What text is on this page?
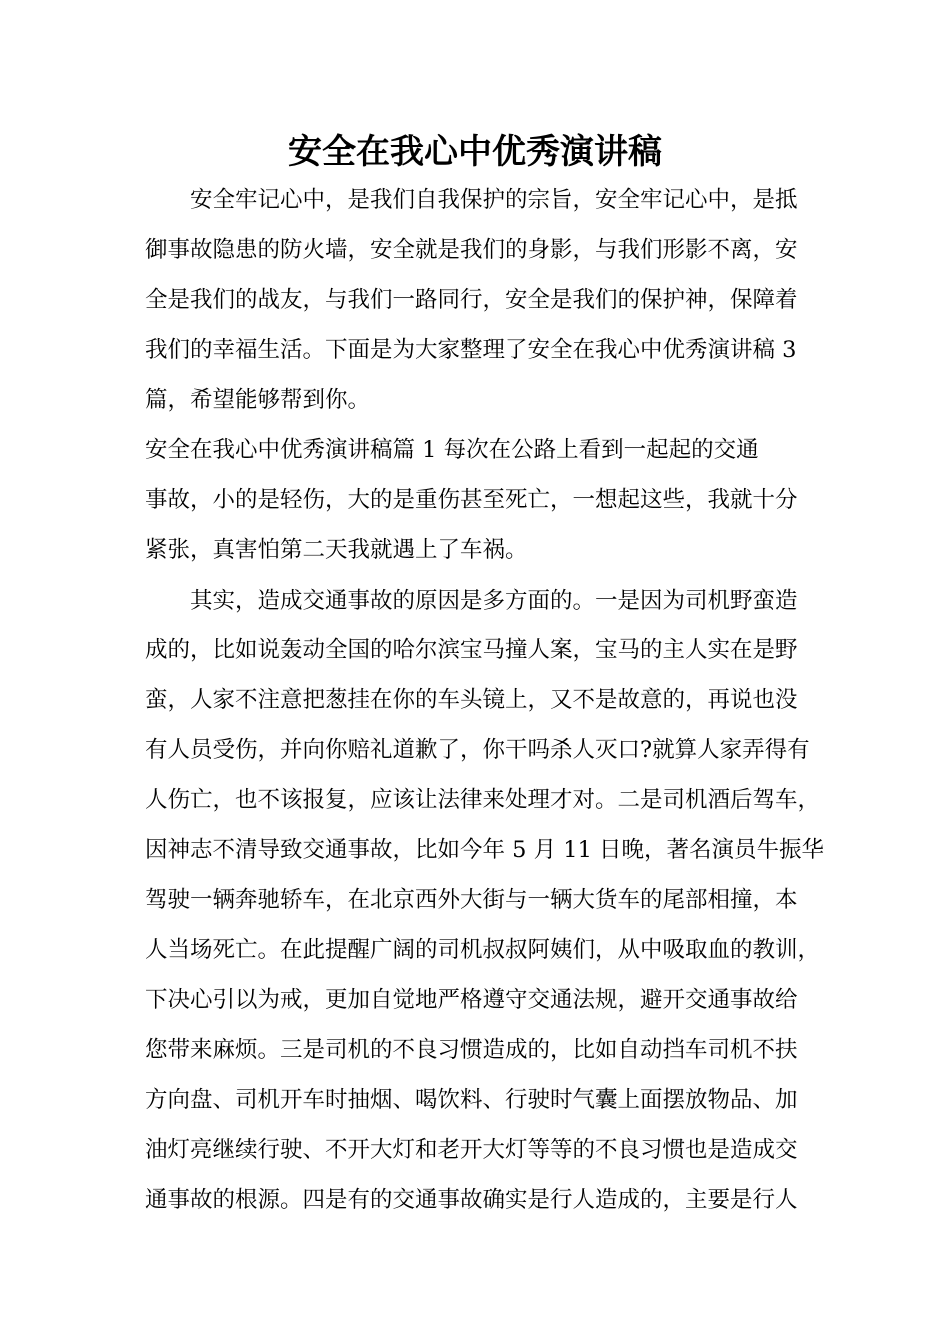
安全在我心中优秀演讲稿
安全牢记心中，是我们自我保护的宗旨，安全牢记心中，是抵
御事故隐患的防火墙，安全就是我们的身影，与我们形影不离，安
全是我们的战友，与我们一路同行，安全是我们的保护神，保障着
我们的幸福生活。下面是为大家整理了安全在我心中优秀演讲稿 3
篇，希望能够帮到你。
安全在我心中优秀演讲稿篇 1 每次在公路上看到一起起的交通
事故，小的是轻伤，大的是重伤甚至死亡，一想起这些，我就十分
紧张，真害怕第二天我就遇上了车祸。
其实，造成交通事故的原因是多方面的。一是因为司机野蛮造
成的，比如说轰动全国的哈尔滨宝马撞人案，宝马的主人实在是野
蛮，人家不注意把葱挂在你的车头镜上，又不是故意的，再说也没
有人员受伤，并向你赔礼道歉了，你干吗杀人灭口?就算人家弄得有
人伤亡，也不该报复，应该让法律来处理才对。二是司机酒后驾车，
因神志不清导致交通事故，比如今年 5 月 11 日晚，著名演员牛振华
驾驶一辆奔驰轿车，在北京西外大街与一辆大货车的尾部相撞，本
人当场死亡。在此提醒广阔的司机叔叔阿姨们，从中吸取血的教训，
下决心引以为戒，更加自觉地严格遵守交通法规，避开交通事故给
您带来麻烦。三是司机的不良习惯造成的，比如自动挡车司机不扶
方向盘、司机开车时抽烟、喝饮料、行驶时气囊上面摆放物品、加
油灯亮继续行驶、不开大灯和老开大灯等等的不良习惯也是造成交
通事故的根源。四是有的交通事故确实是行人造成的，主要是行人
